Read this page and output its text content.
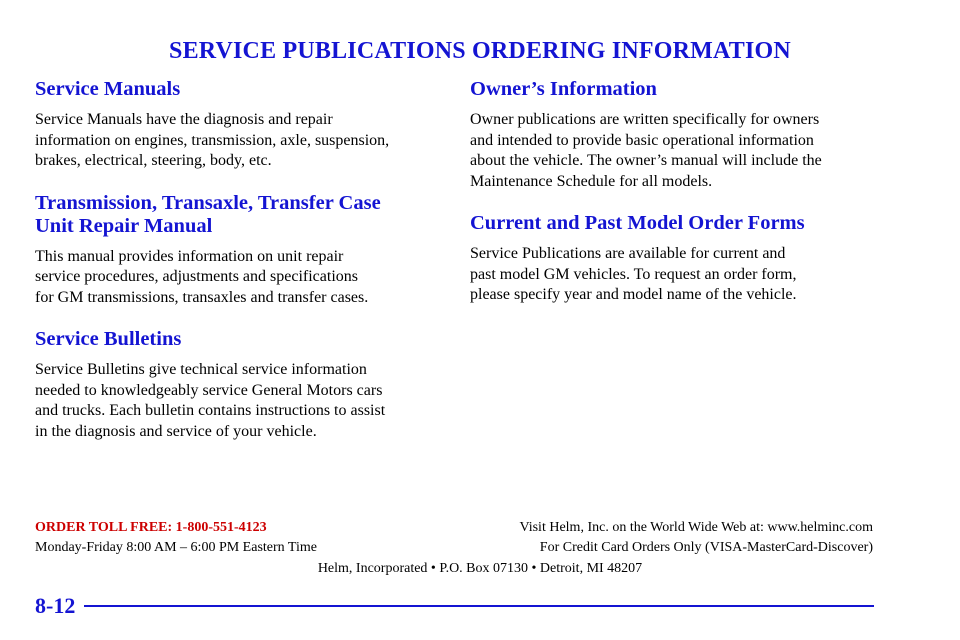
SERVICE PUBLICATIONS ORDERING INFORMATION
Service Manuals

Service Manuals have the diagnosis and repair
information on engines, transmission, axle, suspension,
brakes, electrical, steering, body, etc.

Transmission, Transaxle, Transfer Case
Unit Repair Manual

This manual provides information on unit repair
service procedures, adjustments and specifications
for GM transmissions, transaxles and transfer cases.

Service Bulletins

Service Bulletins give technical service information
needed to knowledgeably service General Motors cars
and trucks. Each bulletin contains instructions to assist
in the diagnosis and service of your vehicle.

Owner’s Information

Owner publications are written specifically for owners
and intended to provide basic operational information
about the vehicle. The owner’s manual will include the
Maintenance Schedule for all models.

Current and Past Model Order Forms

Service Publications are available for current and
past model GM vehicles. To request an order form,
please specify year and model name of the vehicle.

ORDER TOLL FREE: 1-800-551-4123	Visit Helm, Inc. on the World Wide Web at: www.helminc.com
Monday-Friday 8:00 AM – 6:00 PM Eastern Time	For Credit Card Orders Only (VISA-MasterCard-Discover)
Helm, Incorporated • P.O. Box 07130 • Detroit, MI 48207
8-12
